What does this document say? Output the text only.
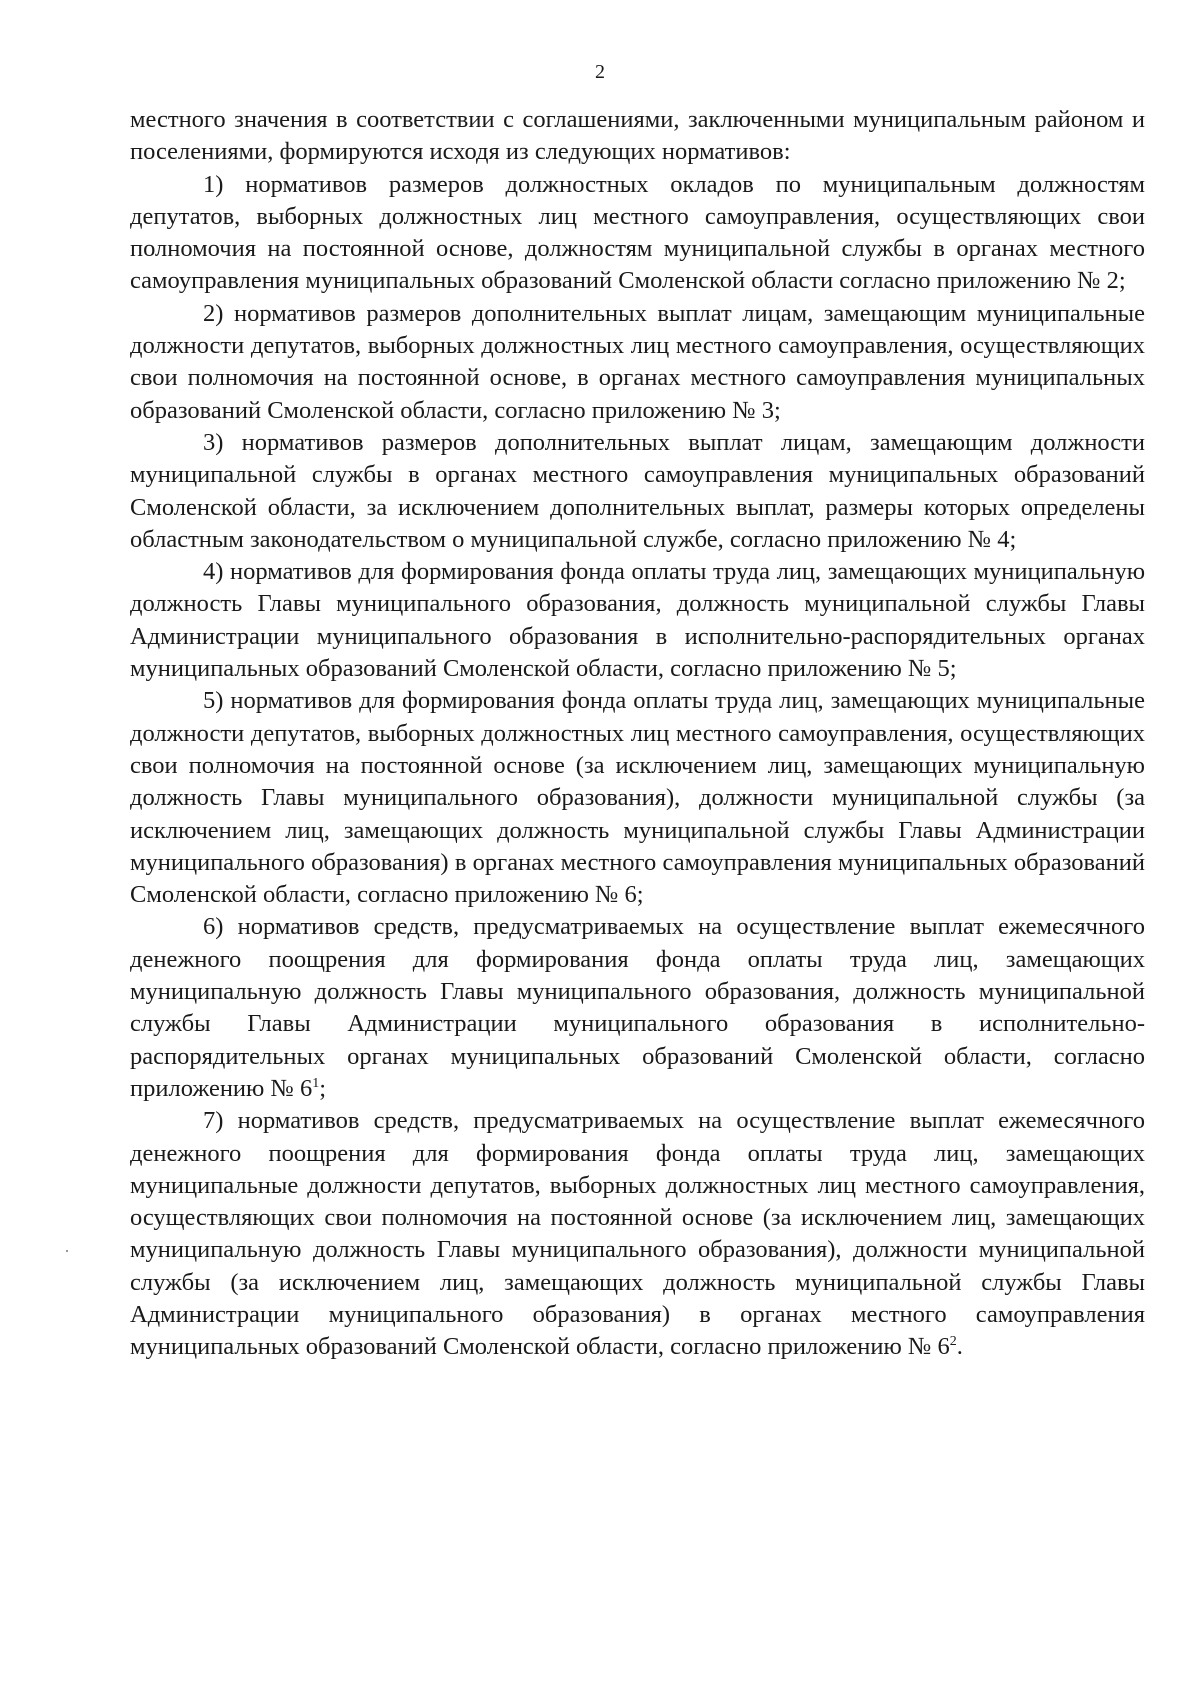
2

местного значения в соответствии с соглашениями, заключенными муниципальным районом и поселениями, формируются исходя из следующих нормативов:

1) нормативов размеров должностных окладов по муниципальным должностям депутатов, выборных должностных лиц местного самоуправления, осуществляющих свои полномочия на постоянной основе, должностям муниципальной службы в органах местного самоуправления муниципальных образований Смоленской области согласно приложению № 2;

2) нормативов размеров дополнительных выплат лицам, замещающим муниципальные должности депутатов, выборных должностных лиц местного самоуправления, осуществляющих свои полномочия на постоянной основе, в органах местного самоуправления муниципальных образований Смоленской области, согласно приложению № 3;

3) нормативов размеров дополнительных выплат лицам, замещающим должности муниципальной службы в органах местного самоуправления муниципальных образований Смоленской области, за исключением дополнительных выплат, размеры которых определены областным законодательством о муниципальной службе, согласно приложению № 4;

4) нормативов для формирования фонда оплаты труда лиц, замещающих муниципальную должность Главы муниципального образования, должность муниципальной службы Главы Администрации муниципального образования в исполнительно-распорядительных органах муниципальных образований Смоленской области, согласно приложению № 5;

5) нормативов для формирования фонда оплаты труда лиц, замещающих муниципальные должности депутатов, выборных должностных лиц местного самоуправления, осуществляющих свои полномочия на постоянной основе (за исключением лиц, замещающих муниципальную должность Главы муниципального образования), должности муниципальной службы (за исключением лиц, замещающих должность муниципальной службы Главы Администрации муниципального образования) в органах местного самоуправления муниципальных образований Смоленской области, согласно приложению № 6;

6) нормативов средств, предусматриваемых на осуществление выплат ежемесячного денежного поощрения для формирования фонда оплаты труда лиц, замещающих муниципальную должность Главы муниципального образования, должность муниципальной службы Главы Администрации муниципального образования в исполнительно-распорядительных органах муниципальных образований Смоленской области, согласно приложению № $6^1$;

7) нормативов средств, предусматриваемых на осуществление выплат ежемесячного денежного поощрения для формирования фонда оплаты труда лиц, замещающих муниципальные должности депутатов, выборных должностных лиц местного самоуправления, осуществляющих свои полномочия на постоянной основе (за исключением лиц, замещающих муниципальную должность Главы муниципального образования), должности муниципальной службы (за исключением лиц, замещающих должность муниципальной службы Главы Администрации муниципального образования) в органах местного самоуправления муниципальных образований Смоленской области, согласно приложению № $6^2$.
